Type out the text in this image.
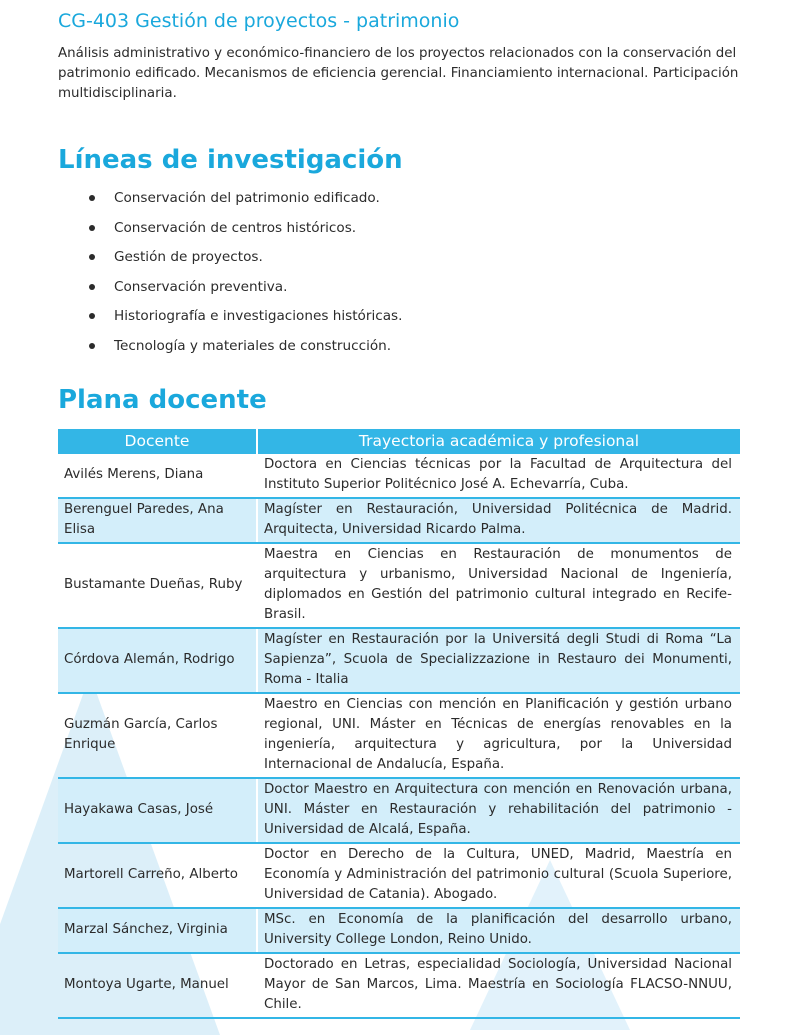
CG-403 Gestión de proyectos - patrimonio

Análisis administrativo y económico-financiero de los proyectos relacionados con la conservación del patrimonio edificado. Mecanismos de eficiencia gerencial. Financiamiento internacional. Participación multidisciplinaria.

Líneas de investigación
Conservación del patrimonio edificado.
Conservación de centros históricos.
Gestión de proyectos.
Conservación preventiva.
Historiografía e investigaciones históricas.
Tecnología y materiales de construcción.
Plana docente
Docente	Trayectoria académica y profesional
Avilés Merens, Diana	Doctora en Ciencias técnicas por la Facultad de Arquitectura del Instituto Superior Politécnico José A. Echevarría, Cuba.
Berenguel Paredes, Ana Elisa	Magíster en Restauración, Universidad Politécnica de Madrid. Arquitecta, Universidad Ricardo Palma.
Bustamante Dueñas, Ruby	Maestra en Ciencias en Restauración de monumentos de arquitectura y urbanismo, Universidad Nacional de Ingeniería, diplomados en Gestión del patrimonio cultural integrado en Recife-Brasil.
Córdova Alemán, Rodrigo	Magíster en Restauración por la Universitá degli Studi di Roma “La Sapienza”, Scuola de Specializzazione in Restauro dei Monumenti, Roma - Italia
Guzmán García, Carlos Enrique	Maestro en Ciencias con mención en Planificación y gestión urbano regional, UNI. Máster en Técnicas de energías renovables en la ingeniería, arquitectura y agricultura, por la Universidad Internacional de Andalucía, España.
Hayakawa Casas, José	Doctor Maestro en Arquitectura con mención en Renovación urbana, UNI. Máster en Restauración y rehabilitación del patrimonio - Universidad de Alcalá, España.
Martorell Carreño, Alberto	Doctor en Derecho de la Cultura, UNED, Madrid, Maestría en Economía y Administración del patrimonio cultural (Scuola Superiore, Universidad de Catania). Abogado.
Marzal Sánchez, Virginia	MSc. en Economía de la planificación del desarrollo urbano, University College London, Reino Unido.
Montoya Ugarte, Manuel	Doctorado en Letras, especialidad Sociología, Universidad Nacional Mayor de San Marcos, Lima. Maestría en Sociología FLACSO-NNUU, Chile.
